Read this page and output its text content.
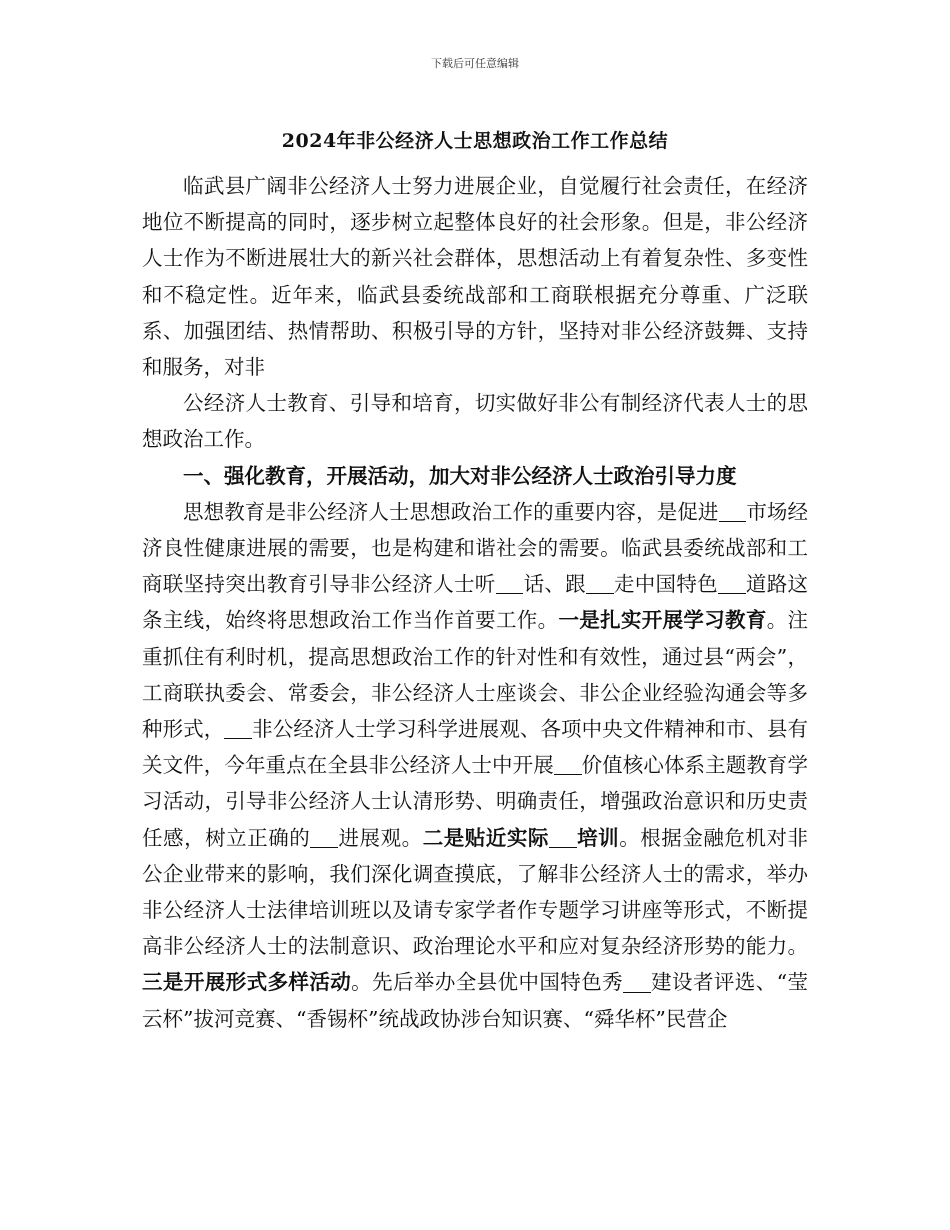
下载后可任意编辑
2024年非公经济人士思想政治工作工作总结

临武县广阔非公经济人士努力进展企业，自觉履行社会责任，在经济地位不断提高的同时，逐步树立起整体良好的社会形象。但是，非公经济人士作为不断进展壮大的新兴社会群体，思想活动上有着复杂性、多变性和不稳定性。近年来，临武县委统战部和工商联根据充分尊重、广泛联系、加强团结、热情帮助、积极引导的方针，坚持对非公经济鼓舞、支持和服务，对非

公经济人士教育、引导和培育，切实做好非公有制经济代表人士的思想政治工作。

一、强化教育，开展活动，加大对非公经济人士政治引导力度

思想教育是非公经济人士思想政治工作的重要内容，是促进 市场经济良性健康进展的需要，也是构建和谐社会的需要。临武县委统战部和工商联坚持突出教育引导非公经济人士听 话、跟 走中国特色 道路这条主线，始终将思想政治工作当作首要工作。一是扎实开展学习教育。注重抓住有利时机，提高思想政治工作的针对性和有效性，通过县“两会”，工商联执委会、常委会，非公经济人士座谈会、非公企业经验沟通会等多种形式， 非公经济人士学习科学进展观、各项中央文件精神和市、县有关文件，今年重点在全县非公经济人士中开展 价值核心体系主题教育学习活动，引导非公经济人士认清形势、明确责任，增强政治意识和历史责任感，树立正确的 进展观。二是贴近实际 培训。根据金融危机对非公企业带来的影响，我们深化调查摸底，了解非公经济人士的需求，举办非公经济人士法律培训班以及请专家学者作专题学习讲座等形式，不断提高非公经济人士的法制意识、政治理论水平和应对复杂经济形势的能力。三是开展形式多样活动。先后举办全县优中国特色秀 建设者评选、“莹云杯”拔河竞赛、“香锡杯”统战政协涉台知识赛、“舜华杯”民营企
